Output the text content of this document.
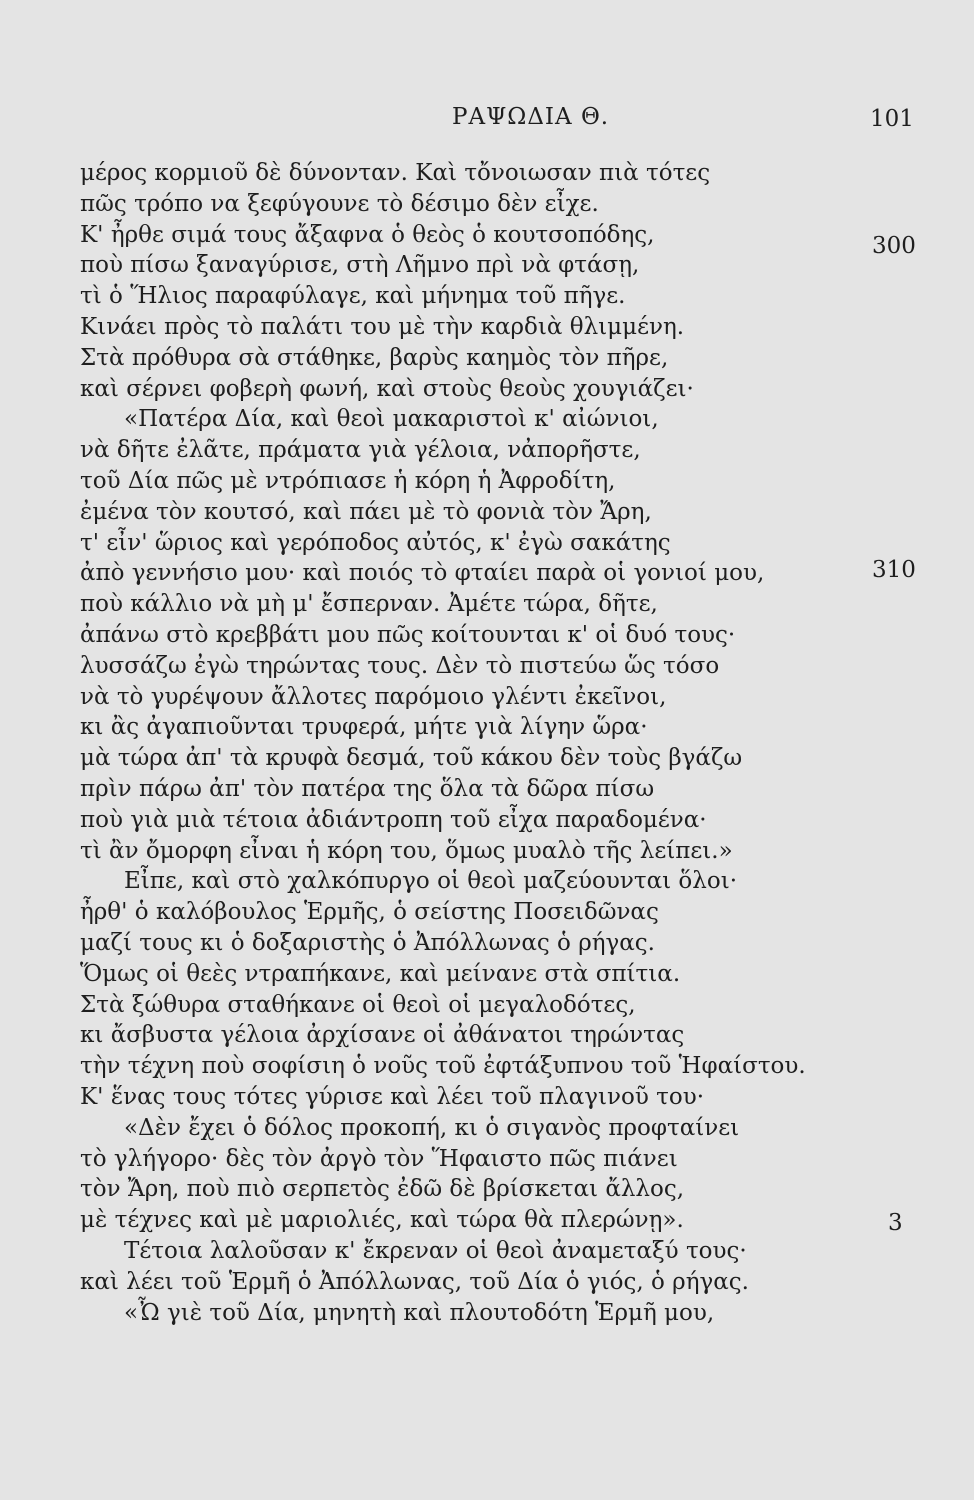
ΡΑΨΩΔΙΑ Θ.	101
μέρος κορμιοῦ δὲ δύνονταν. Καὶ τὄνοιωσαν πιὰ τότες
πῶς τρόπο να ξεφύγουνε τὸ δέσιμο δὲν εἶχε.
Κ' ἦρθε σιμά τους ἄξαφνα ὁ θεὸς ὁ κουτσοπόδης,
ποὺ πίσω ξαναγύρισε, στὴ Λῆμνο πρὶ νὰ φτάσῃ,
τὶ ὁ Ἥλιος παραφύλαγε, καὶ μήνημα τοῦ πῆγε.
Κινάει πρὸς τὸ παλάτι του μὲ τὴν καρδιὰ θλιμμένη.
Στὰ πρόθυρα σὰ στάθηκε, βαρὺς καημὸς τὸν πῆρε,
καὶ σέρνει φοβερὴ φωνή, καὶ στοὺς θεοὺς χουγιάζει·
«Πατέρα Δία, καὶ θεοὶ μακαριστοὶ κ' αἰώνιοι,
νὰ δῆτε ἐλᾶτε, πράματα γιὰ γέλοια, νἀπορῆστε,
τοῦ Δία πῶς μὲ ντρόπιασε ἡ κόρη ἡ Ἀφροδίτη,
ἐμένα τὸν κουτσό, καὶ πάει μὲ τὸ φονιὰ τὸν Ἄρη,
τ' εἶν' ὥριος καὶ γερόποδος αὐτός, κ' ἐγὼ σακάτης
ἀπὸ γεννήσιο μου· καὶ ποιός τὸ φταίει παρὰ οἱ γονιοί μου,
ποὺ κάλλιο νὰ μὴ μ' ἔσπερναν. Ἀμέτε τώρα, δῆτε,
ἀπάνω στὸ κρεββάτι μου πῶς κοίτουνται κ' οἱ δυό τους·
λυσσάζω ἐγὼ τηρώντας τους. Δὲν τὸ πιστεύω ὥς τόσο
νὰ τὸ γυρέψουν ἄλλοτες παρόμοιο γλέντι ἐκεῖνοι,
κι ἂς ἀγαπιοῦνται τρυφερά, μήτε γιὰ λίγην ὥρα·
μὰ τώρα ἀπ' τὰ κρυφὰ δεσμά, τοῦ κάκου δὲν τοὺς βγάζω
πρὶν πάρω ἀπ' τὸν πατέρα της ὅλα τὰ δῶρα πίσω
ποὺ γιὰ μιὰ τέτοια ἀδιάντροπη τοῦ εἶχα παραδομένα·
τὶ ἂν ὄμορφη εἶναι ἡ κόρη του, ὅμως μυαλὸ τῆς λείπει.»
Εἶπε, καὶ στὸ χαλκόπυργο οἱ θεοὶ μαζεύουνται ὅλοι·
ἦρθ' ὁ καλόβουλος Ἑρμῆς, ὁ σείστης Ποσειδῶνας
μαζί τους κι ὁ δοξαριστὴς ὁ Ἀπόλλωνας ὁ ρήγας.
Ὅμως οἱ θεὲς ντραπήκανε, καὶ μείνανε στὰ σπίτια.
Στὰ ξώθυρα σταθήκανε οἱ θεοὶ οἱ μεγαλοδότες,
κι ἄσβυστα γέλοια ἀρχίσανε οἱ ἀθάνατοι τηρώντας
τὴν τέχνη ποὺ σοφίσιη ὁ νοῦς τοῦ ἐφτάξυπνου τοῦ Ἡφαίστου.
Κ' ἕνας τους τότες γύρισε καὶ λέει τοῦ πλαγινοῦ του·
«Δὲν ἔχει ὁ δόλος προκοπή, κι ὁ σιγανὸς προφταίνει
τὸ γλήγορο· δὲς τὸν ἀργὸ τὸν Ἥφαιστο πῶς πιάνει
τὸν Ἄρη, ποὺ πιὸ σερπετὸς ἐδῶ δὲ βρίσκεται ἄλλος,
μὲ τέχνες καὶ μὲ μαριολιές, καὶ τώρα θὰ πλερώνῃ».
Τέτοια λαλοῦσαν κ' ἔκρεναν οἱ θεοὶ ἀναμεταξύ τους·
καὶ λέει τοῦ Ἑρμῆ ὁ Ἀπόλλωνας, τοῦ Δία ὁ γιός, ὁ ρήγας.
«Ὦ γιὲ τοῦ Δία, μηνητὴ καὶ πλουτοδότη Ἑρμῆ μου,
300
310
3
